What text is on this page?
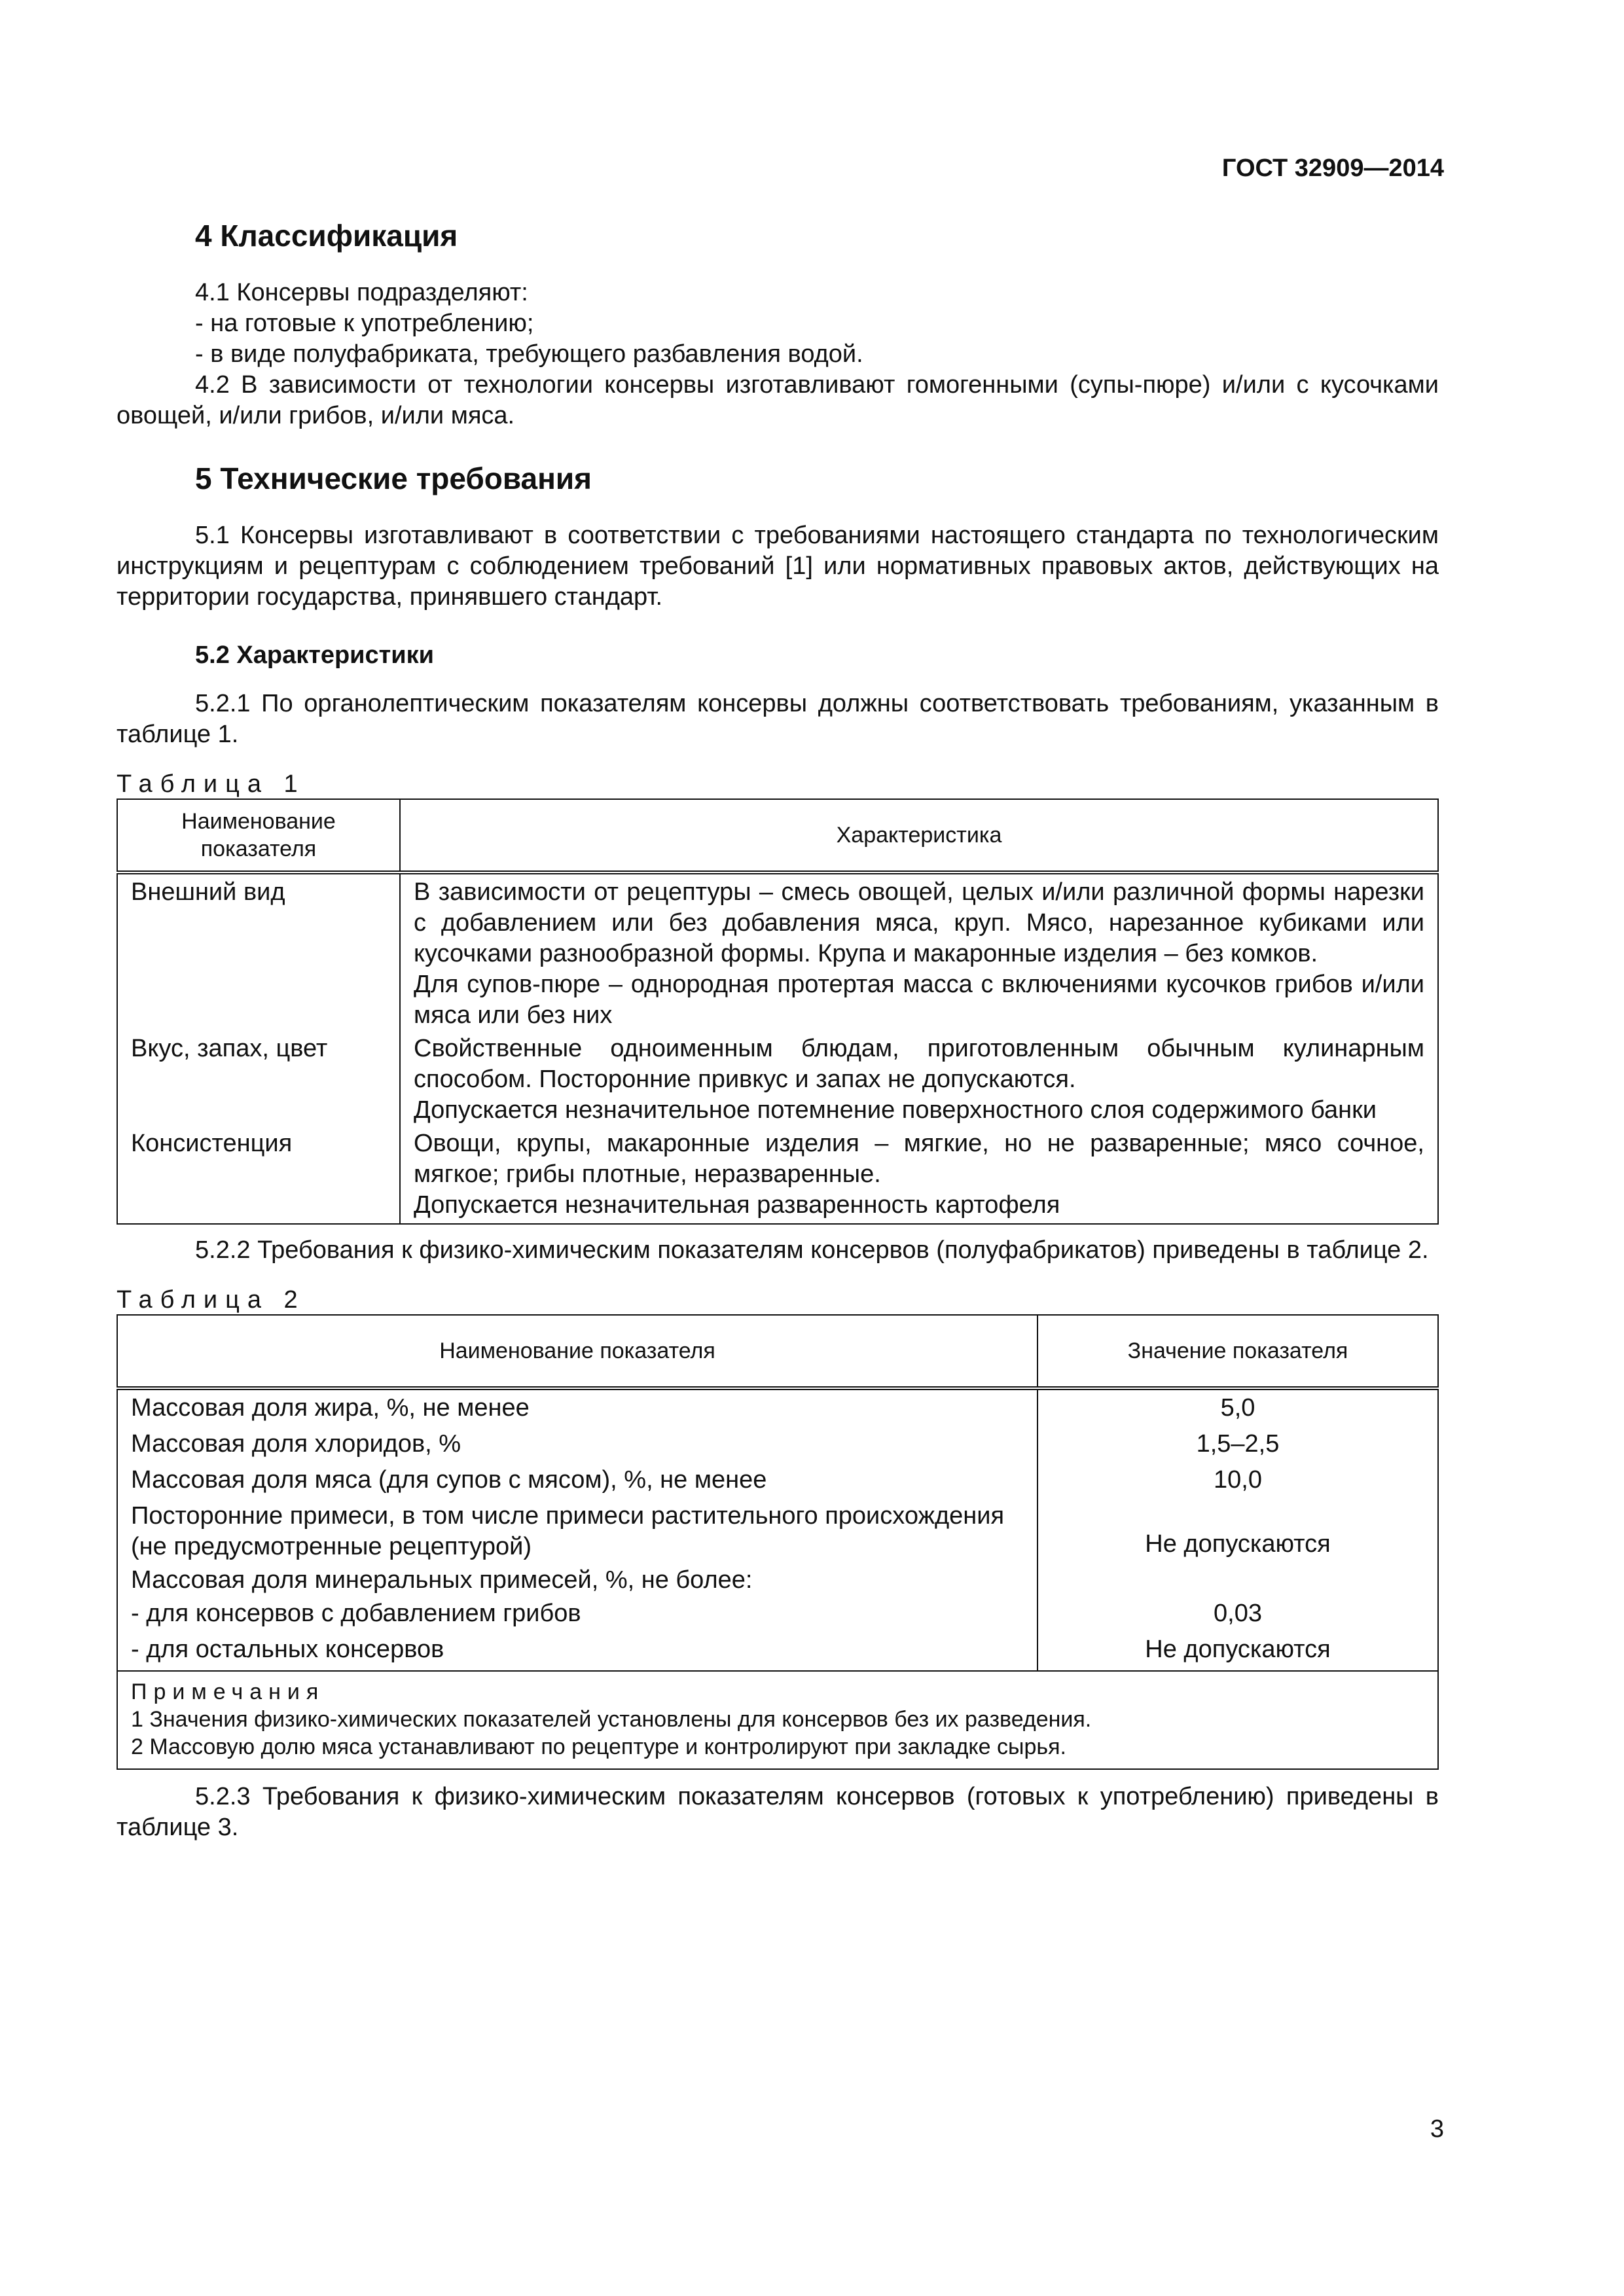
ГОСТ 32909—2014
4 Классификация

4.1 Консервы подразделяют:

- на готовые к употреблению;

- в виде полуфабриката, требующего разбавления водой.

4.2 В зависимости от технологии консервы изготавливают гомогенными (супы-пюре) и/или с кусочками овощей, и/или грибов, и/или мяса.

5 Технические требования

5.1 Консервы изготавливают в соответствии с требованиями настоящего стандарта по технологическим инструкциям и рецептурам с соблюдением требований [1] или нормативных правовых актов, действующих на территории государства, принявшего стандарт.

5.2 Характеристики

5.2.1 По органолептическим показателям консервы должны соответствовать требованиям, указанным в таблице 1.

Таблица 1

Наименование показателя	Характеристика
Внешний вид	В зависимости от рецептуры – смесь овощей, целых и/или различной формы нарезки с добавлением или без добавления мяса, круп. Мясо, нарезанное кубиками или кусочками разнообразной формы. Крупа и макаронные изделия – без комков.

Для супов-пюре – однородная протертая масса с включениями кусочков грибов и/или мяса или без них

Вкус, запах, цвет	Свойственные одноименным блюдам, приготовленным обычным кулинарным способом. Посторонние привкус и запах не допускаются.

Допускается незначительное потемнение поверхностного слоя содержимого банки

Консистенция	Овощи, крупы, макаронные изделия – мягкие, но не разваренные; мясо сочное, мягкое; грибы плотные, неразваренные.

Допускается незначительная разваренность картофеля

5.2.2 Требования к физико-химическим показателям консервов (полуфабрикатов) приведены в таблице 2.

Таблица 2

Наименование показателя	Значение показателя
Массовая доля жира, %, не менее	5,0
Массовая доля хлоридов, %	1,5–2,5
Массовая доля мяса (для супов с мясом), %, не менее	10,0
Посторонние примеси, в том числе примеси растительного происхождения (не предусмотренные рецептурой)	Не допускаются
Массовая доля минеральных примесей, %, не более:	
- для консервов с добавлением грибов	0,03
- для остальных консервов	Не допускаются

Примечания
1 Значения физико-химических показателей установлены для консервов без их разведения.
2 Массовую долю мяса устанавливают по рецептуре и контролируют при закладке сырья.	

5.2.3 Требования к физико-химическим показателям консервов (готовых к употреблению) приведены в таблице 3.

3
